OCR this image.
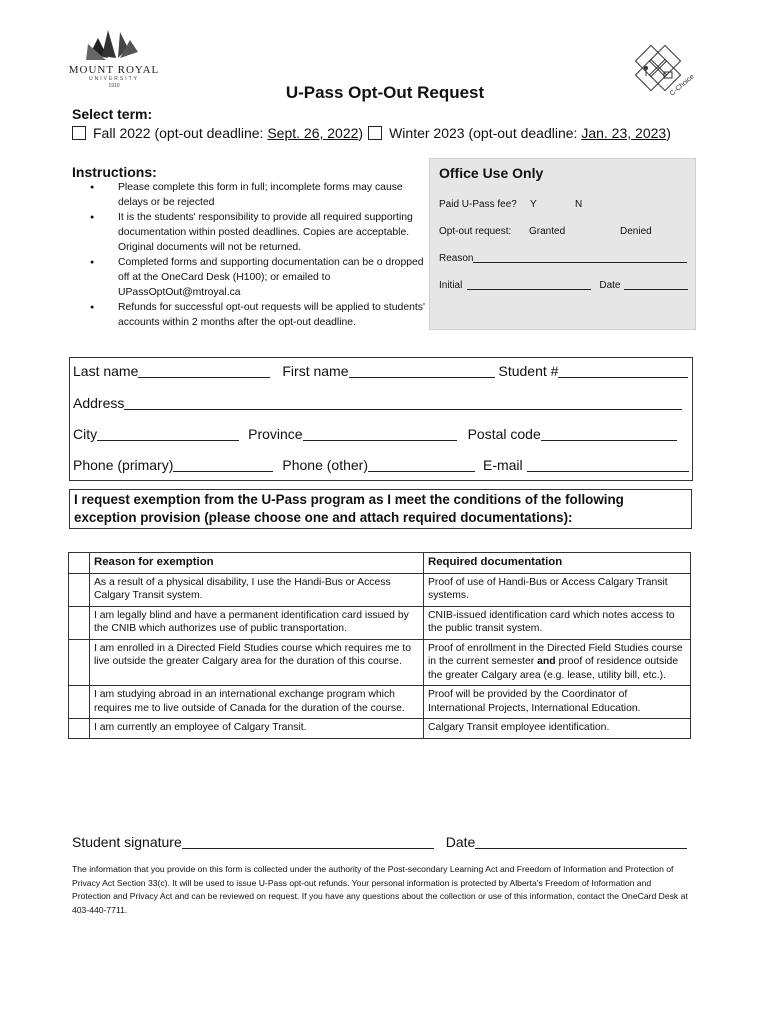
MOUNT ROYAL
UNIVERSITY
1910	C-Choice
U-Pass Opt-Out Request
Select term:
Fall 2022 (opt-out deadline: Sept. 26, 2022 ) Winter 2023 (opt-out deadline: Jan. 23, 2023 )
Instructions:
● Please complete this form in full; incomplete forms may cause delays or be rejected
● It is the students' responsibility to provide all required supporting documentation within posted deadlines. Copies are acceptable. Original documents will not be returned.
● Completed forms and supporting documentation can be o dropped off at the OneCard Desk (H100); or emailed to UPassOptOut@mtroyal.ca
● Refunds for successful opt-out requests will be applied to students' accounts within 2 months after the opt-out deadline.
Office Use Only
Paid U-Pass fee? Y	N
Opt-out request: Granted	Denied
Reason
Initial	Date
Last name	First name	Student #
Address
City	Province	Postal code
Phone (primary)	Phone (other)	E-mail
I request exemption from the U-Pass program as I meet the conditions of the following exception provision (please choose one and attach required documentations):
	Reason for exemption	Required documentation
	As a result of a physical disability, I use the Handi-Bus or Access Calgary Transit system.	Proof of use of Handi-Bus or Access Calgary Transit systems.
	I am legally blind and have a permanent identification card issued by the CNIB which authorizes use of public transportation.	CNIB-issued identification card which notes access to the public transit system.
	I am enrolled in a Directed Field Studies course which requires me to live outside the greater Calgary area for the duration of this course.	Proof of enrollment in the Directed Field Studies course in the current semester and proof of residence outside the greater Calgary area (e.g. lease, utility bill, etc.).
	I am studying abroad in an international exchange program which requires me to live outside of Canada for the duration of the course.	Proof will be provided by the Coordinator of International Projects, International Education.
	I am currently an employee of Calgary Transit.	Calgary Transit employee identification.
Student signature	Date
The information that you provide on this form is collected under the authority of the Post-secondary Learning Act and Freedom of Information and Protection of Privacy Act Section 33(c). It will be used to issue U-Pass opt-out refunds. Your personal information is protected by Alberta's Freedom of Information and Protection and Privacy Act and can be reviewed on request. If you have any questions about the collection or use of this information, contact the OneCard Desk at 403-440-7711.
